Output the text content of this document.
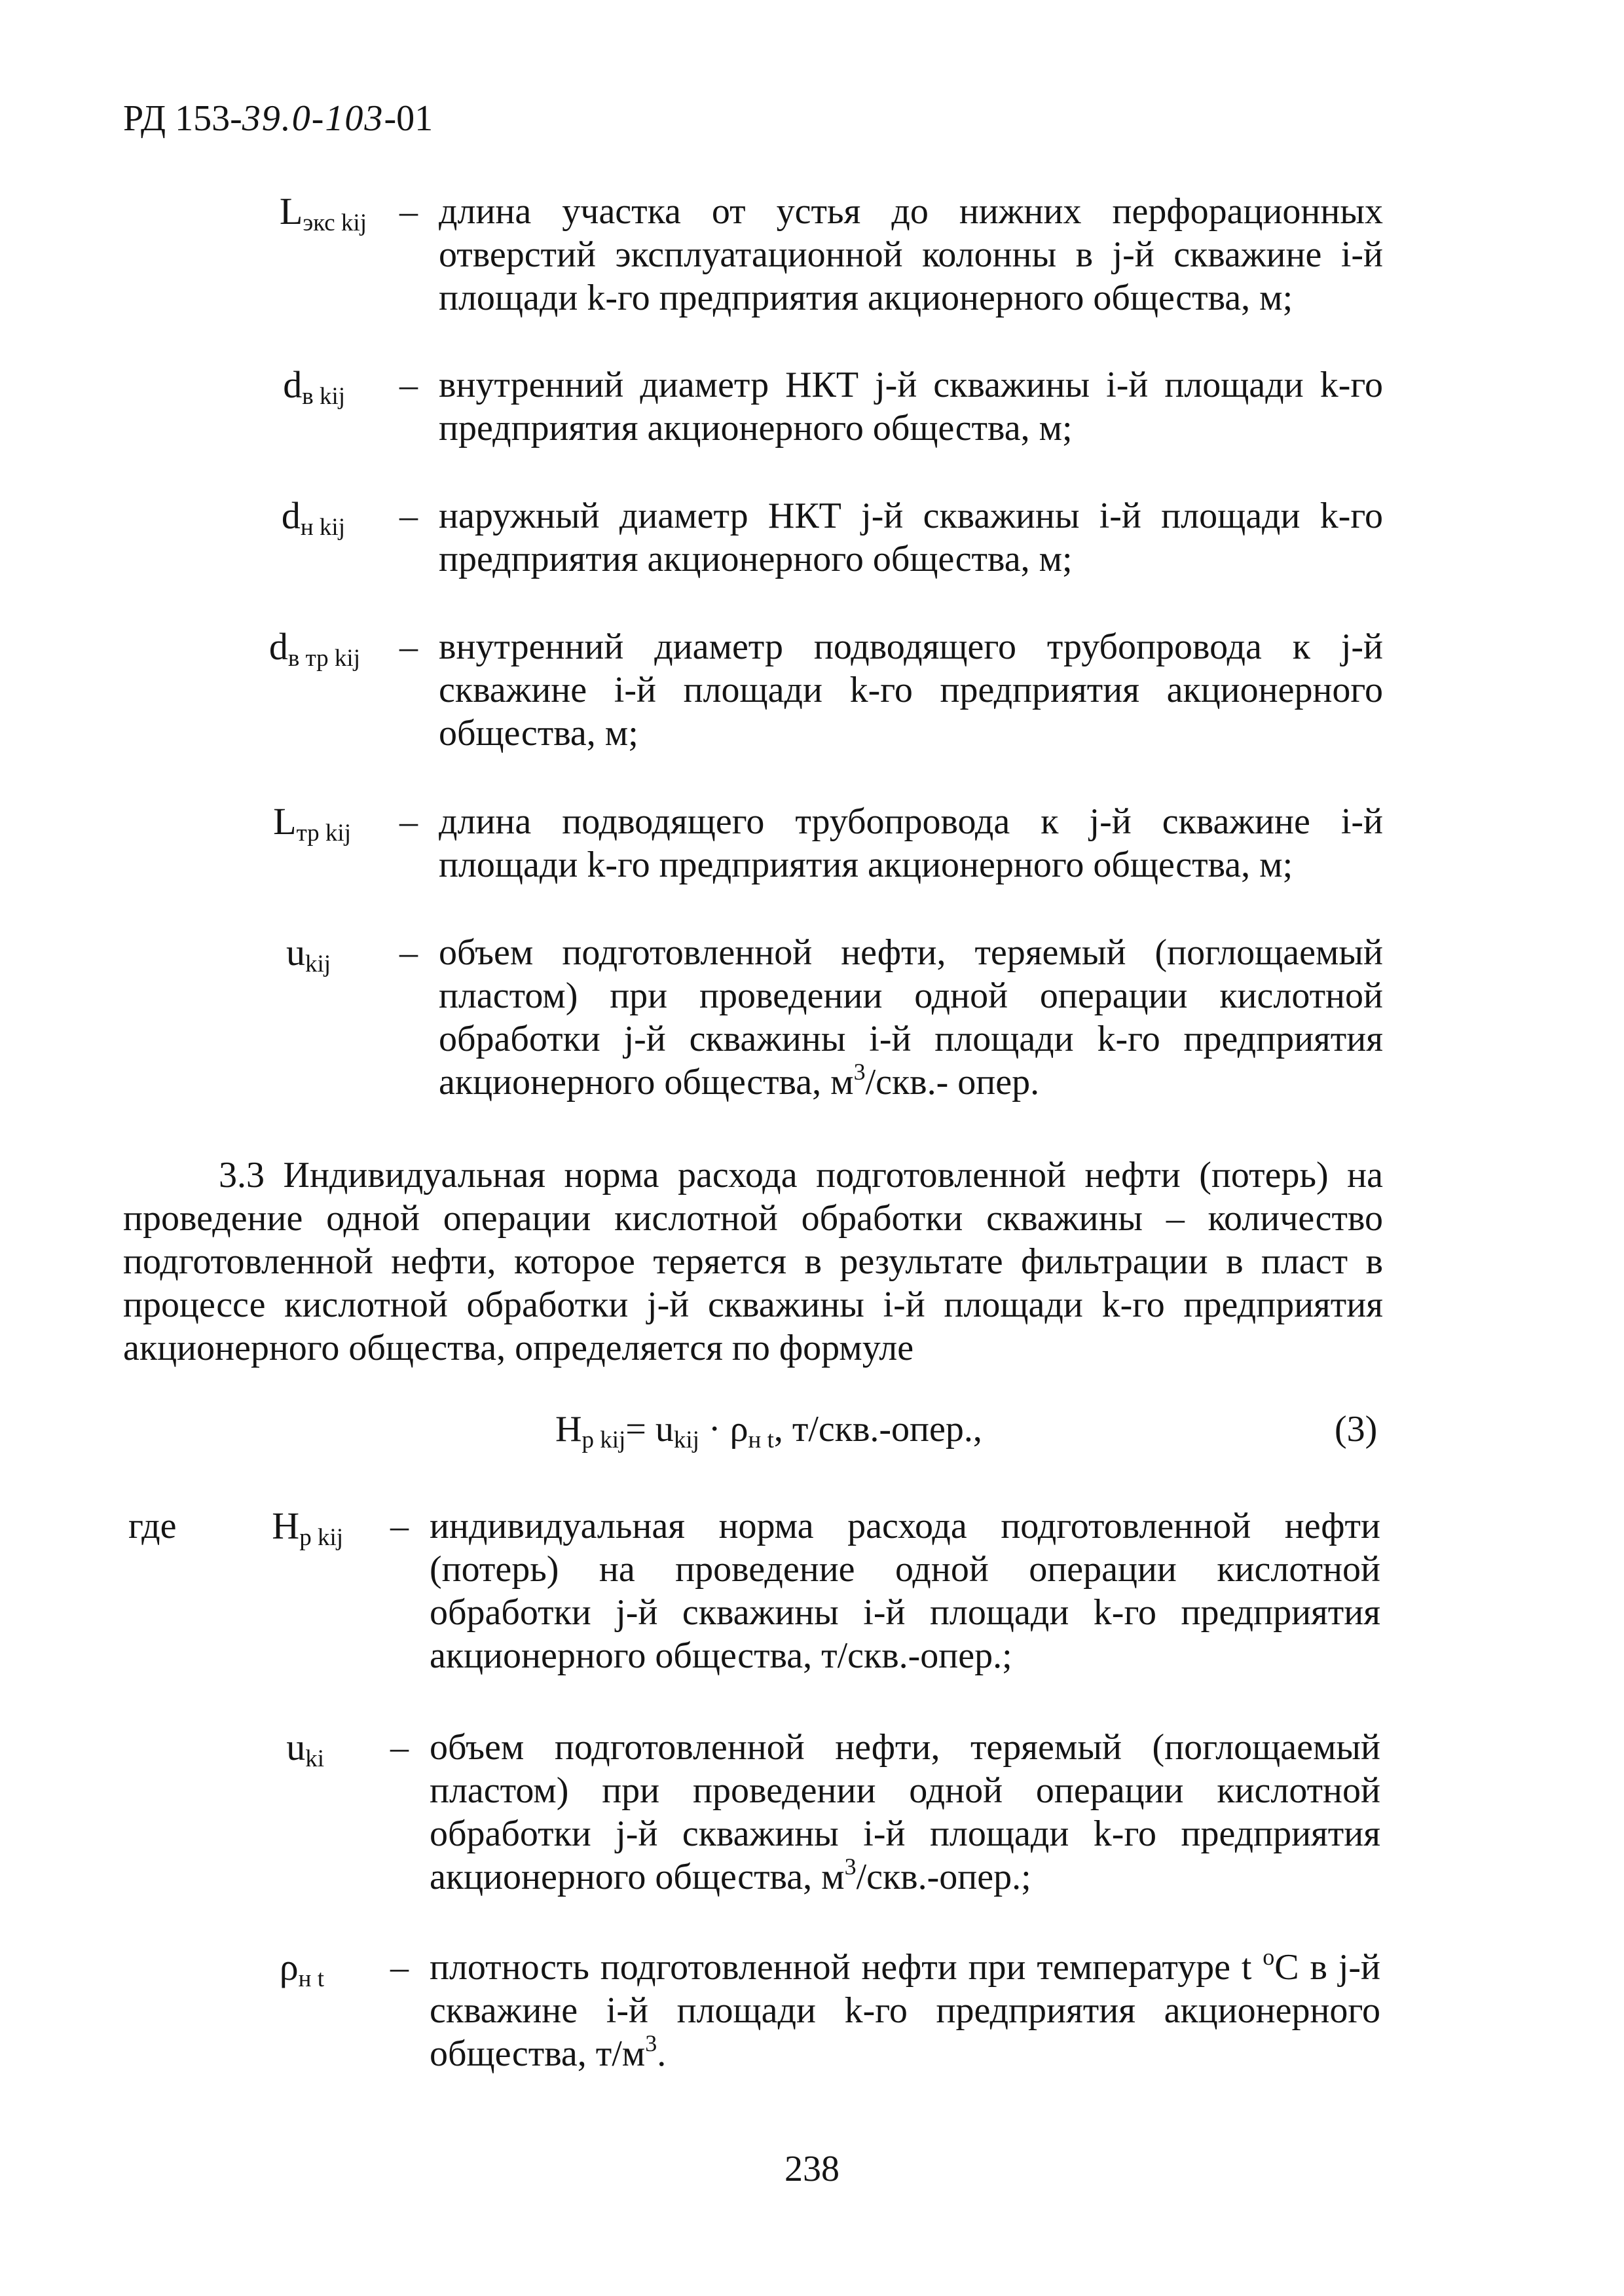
РД 153-39.0-103-01
$L_{экс kij}$ – длина участка от устья до нижних перфорационных отверстий эксплуатационной колонны в j-й скважине i-й площади k-го предприятия акционерного общества, м;
$d_{в kij}$ – внутренний диаметр НКТ j-й скважины i-й площади k-го предприятия акционерного общества, м;
$d_{н kij}$ – наружный диаметр НКТ j-й скважины i-й площади k-го предприятия акционерного общества, м;
$d_{в тр kij}$ – внутренний диаметр подводящего трубопровода к j-й скважине i-й площади k-го предприятия акционерного общества, м;
$L_{тр kij}$ – длина подводящего трубопровода к j-й скважине i-й площади k-го предприятия акционерного общества, м;
$u_{kij}$ – объем подготовленной нефти, теряемый (поглощаемый пластом) при проведении одной операции кислотной обработки j-й скважины i-й площади k-го предприятия акционерного общества, $м^3/скв.-$ опер.
3.3 Индивидуальная норма расхода подготовленной нефти (потерь) на проведение одной операции кислотной обработки скважины – количество подготовленной нефти, которое теряется в результате фильтрации в пласт в процессе кислотной обработки j-й скважины i-й площади k-го предприятия акционерного общества, определяется по формуле
$Н_{р kij}= u_{kij} \cdot \rho_{н t}$, т/скв.-опер.,	(3)
где	$Н_{р kij}$ – индивидуальная норма расхода подготовленной нефти (потерь) на проведение одной операции кислотной обработки j-й скважины i-й площади k-го предприятия акционерного общества, т/скв.-опер.;
$u_{ki}$ – объем подготовленной нефти, теряемый (поглощаемый пластом) при проведении одной операции кислотной обработки j-й скважины i-й площади k-го предприятия акционерного общества, $м^3/скв$.-опер.;
$\rho_{н t}$ – плотность подготовленной нефти при температуре t $^о$С в j-й скважине i-й площади k-го предприятия акционерного общества, $т/м^3$.
238
